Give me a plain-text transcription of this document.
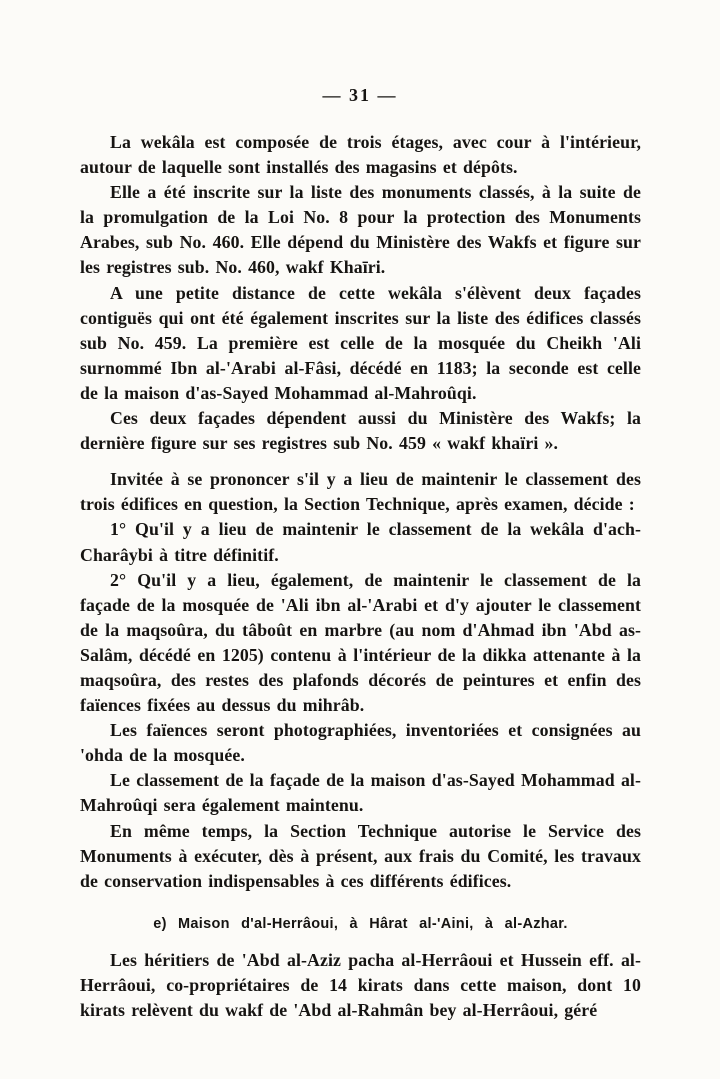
— 31 —

La wekâla est composée de trois étages, avec cour à l'intérieur, autour de laquelle sont installés des magasins et dépôts.

Elle a été inscrite sur la liste des monuments classés, à la suite de la promulgation de la Loi No. 8 pour la protection des Monuments Arabes, sub No. 460. Elle dépend du Ministère des Wakfs et figure sur les registres sub. No. 460, wakf Khaīri.

A une petite distance de cette wekâla s'élèvent deux façades contiguës qui ont été également inscrites sur la liste des édifices classés sub No. 459. La première est celle de la mosquée du Cheikh 'Ali surnommé Ibn al-'Arabi al-Fâsi, décédé en 1183; la seconde est celle de la maison d'as-Sayed Mohammad al-Mahroûqi.

Ces deux façades dépendent aussi du Ministère des Wakfs; la dernière figure sur ses registres sub No. 459 « wakf khaïri ».

Invitée à se prononcer s'il y a lieu de maintenir le classement des trois édifices en question, la Section Technique, après examen, décide :

1° Qu'il y a lieu de maintenir le classement de la wekâla d'ach-Charâybi à titre définitif.

2° Qu'il y a lieu, également, de maintenir le classement de la façade de la mosquée de 'Ali ibn al-'Arabi et d'y ajouter le classement de la maqsoûra, du tâboût en marbre (au nom d'Ahmad ibn 'Abd as-Salâm, décédé en 1205) contenu à l'intérieur de la dikka attenante à la maqsoûra, des restes des plafonds décorés de peintures et enfin des faïences fixées au dessus du mihrâb.

Les faïences seront photographiées, inventoriées et consignées au 'ohda de la mosquée.

Le classement de la façade de la maison d'as-Sayed Mohammad al-Mahroûqi sera également maintenu.

En même temps, la Section Technique autorise le Service des Monuments à exécuter, dès à présent, aux frais du Comité, les travaux de conservation indispensables à ces différents édifices.

e) Maison d'al-Herrâoui, à Hârat al-'Aini, à al-Azhar.

Les héritiers de 'Abd al-Aziz pacha al-Herrâoui et Hussein eff. al-Herrâoui, co-propriétaires de 14 kirats dans cette maison, dont 10 kirats relèvent du wakf de 'Abd al-Rahmân bey al-Herrâoui, géré
